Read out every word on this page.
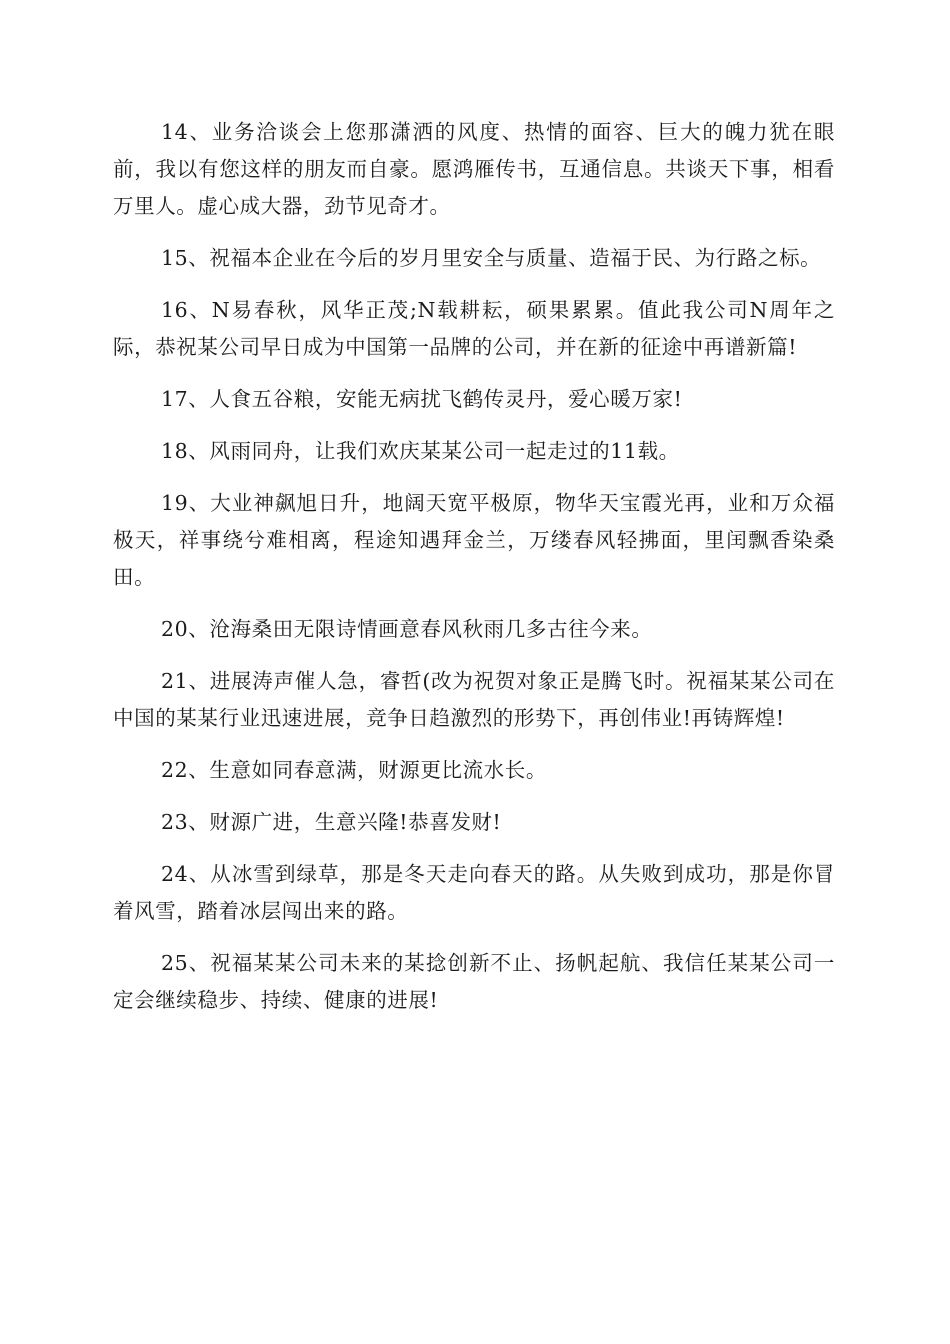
14、业务洽谈会上您那潇洒的风度、热情的面容、巨大的魄力犹在眼前，我以有您这样的朋友而自豪。愿鸿雁传书，互通信息。共谈天下事，相看万里人。虚心成大器，劲节见奇才。

15、祝福本企业在今后的岁月里安全与质量、造福于民、为行路之标。

16、N易春秋，风华正茂;N载耕耘，硕果累累。值此我公司N周年之际，恭祝某公司早日成为中国第一品牌的公司，并在新的征途中再谱新篇!

17、人食五谷粮，安能无病扰飞鹤传灵丹，爱心暖万家!

18、风雨同舟，让我们欢庆某某公司一起走过的11载。

19、大业神飙旭日升，地阔天宽平极原，物华天宝霞光再，业和万众福极天，祥事绕兮难相离，程途知遇拜金兰，万缕春风轻拂面，里闰飘香染桑田。

20、沧海桑田无限诗情画意春风秋雨几多古往今来。

21、进展涛声催人急，睿哲(改为祝贺对象正是腾飞时。祝福某某公司在中国的某某行业迅速进展，竞争日趋激烈的形势下，再创伟业!再铸辉煌!

22、生意如同春意满，财源更比流水长。

23、财源广进，生意兴隆!恭喜发财!

24、从冰雪到绿草，那是冬天走向春天的路。从失败到成功，那是你冒着风雪，踏着冰层闯出来的路。

25、祝福某某公司未来的某捻创新不止、扬帆起航、我信任某某公司一定会继续稳步、持续、健康的进展!
